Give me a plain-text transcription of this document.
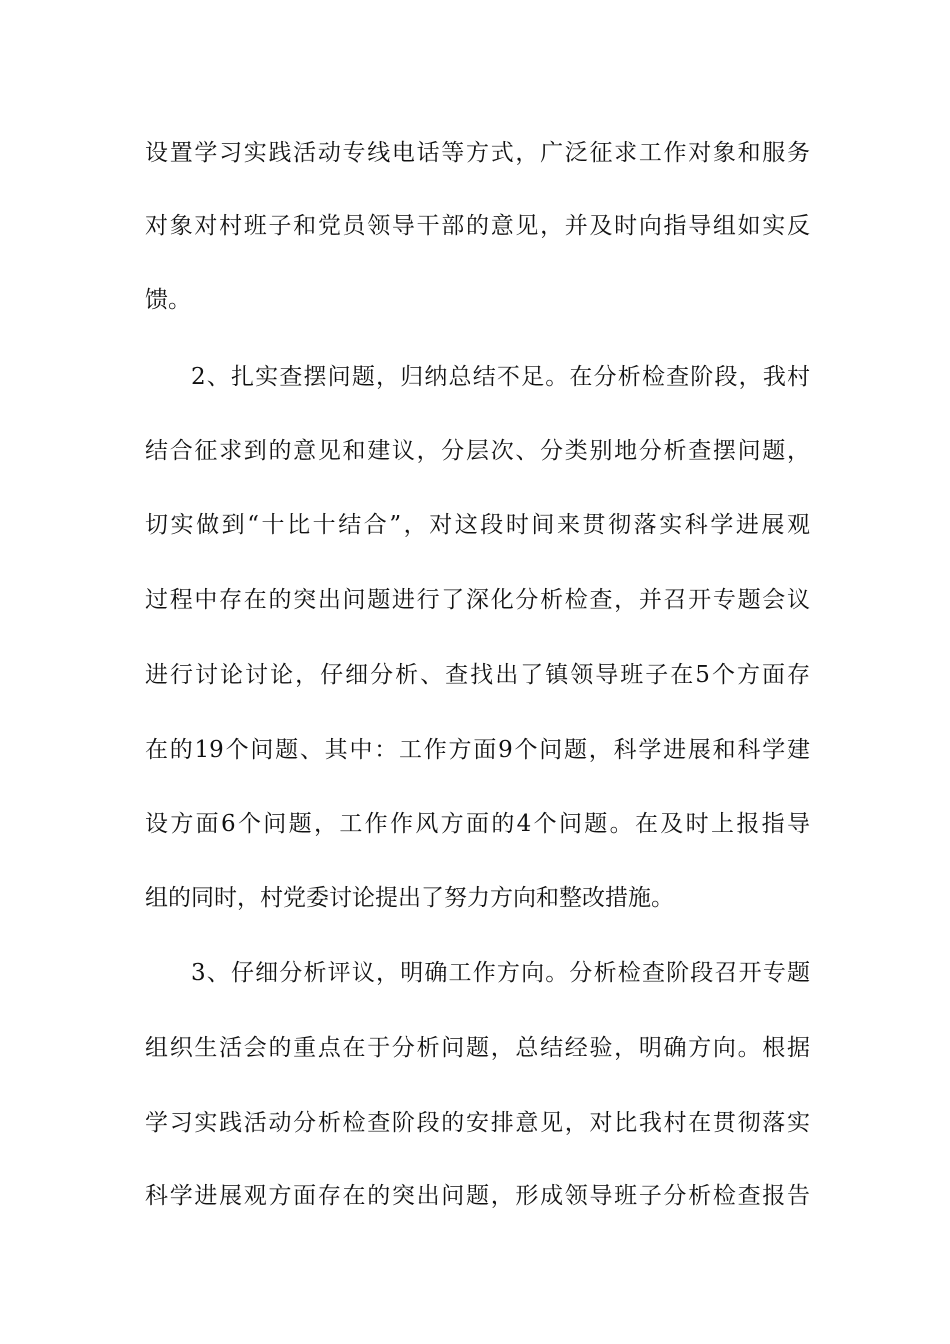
设置学习实践活动专线电话等方式，广泛征求工作对象和服务
对象对村班子和党员领导干部的意见，并及时向指导组如实反
馈。
2、扎实查摆问题，归纳总结不足。在分析检查阶段，我村
结合征求到的意见和建议，分层次、分类别地分析查摆问题，
切实做到“十比十结合”，对这段时间来贯彻落实科学进展观
过程中存在的突出问题进行了深化分析检查，并召开专题会议
进行讨论讨论，仔细分析、查找出了镇领导班子在5个方面存
在的19个问题、其中：工作方面9个问题，科学进展和科学建
设方面6个问题，工作作风方面的4个问题。在及时上报指导
组的同时，村党委讨论提出了努力方向和整改措施。
3、仔细分析评议，明确工作方向。分析检查阶段召开专题
组织生活会的重点在于分析问题，总结经验，明确方向。根据
学习实践活动分析检查阶段的安排意见，对比我村在贯彻落实
科学进展观方面存在的突出问题，形成领导班子分析检查报告
